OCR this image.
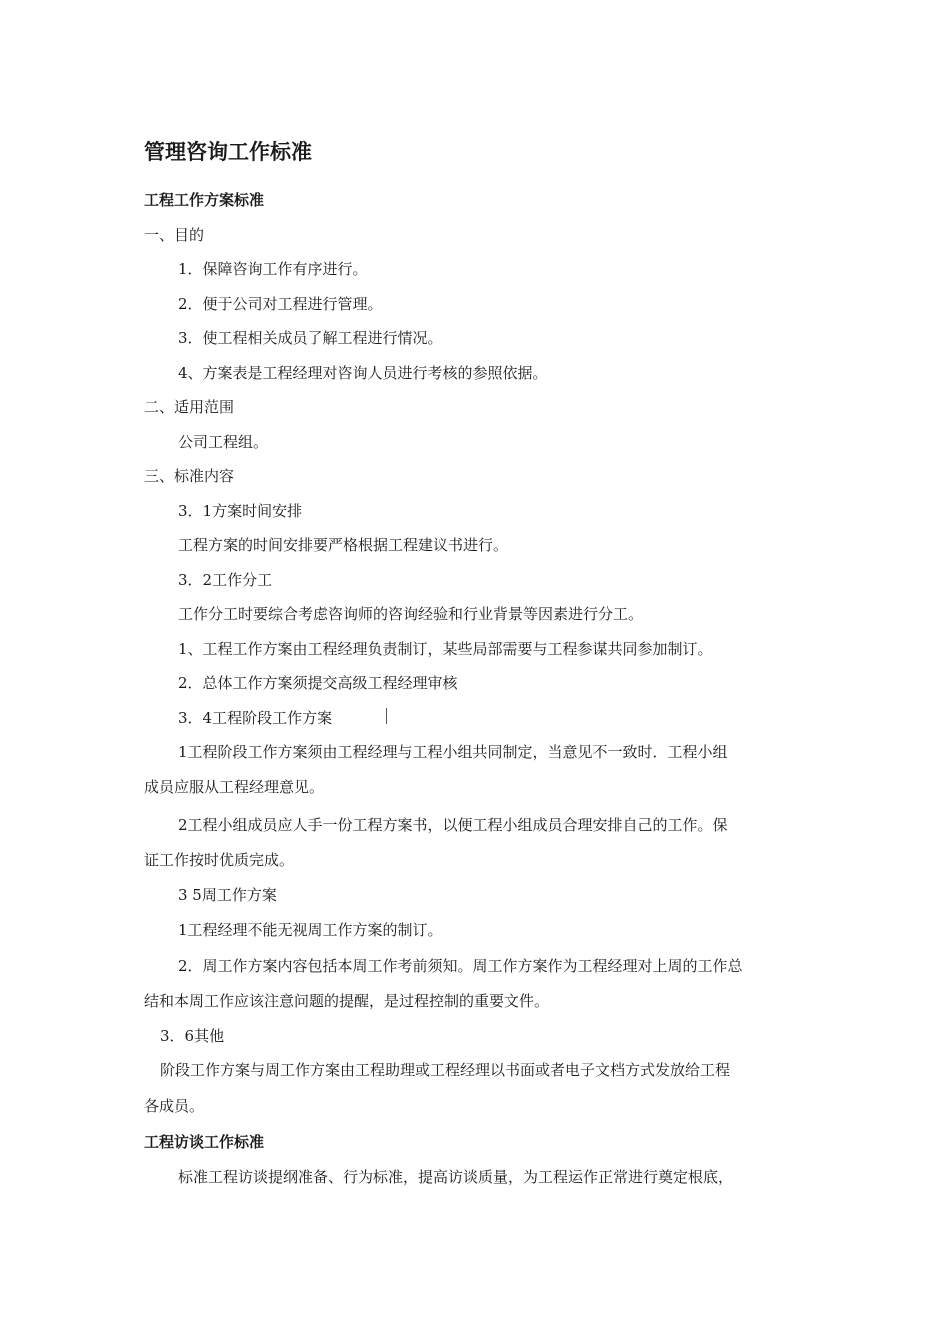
管理咨询工作标准
工程工作方案标准
一、目的
1．保障咨询工作有序进行。
2．便于公司对工程进行管理。
3．使工程相关成员了解工程进行情况。
4、方案表是工程经理对咨询人员进行考核的参照依据。
二、适用范围
公司工程组。
三、标准内容
3．1方案时间安排
工程方案的时间安排要严格根据工程建议书进行。
3．2工作分工
工作分工时要综合考虑咨询师的咨询经验和行业背景等因素进行分工。
1、工程工作方案由工程经理负责制订，某些局部需要与工程参谋共同参加制订。
2．总体工作方案须提交高级工程经理审核
3．4工程阶段工作方案
1工程阶段工作方案须由工程经理与工程小组共同制定，当意见不一致时．工程小组
成员应服从工程经理意见。
2工程小组成员应人手一份工程方案书，以便工程小组成员合理安排自己的工作。保
证工作按时优质完成。
3 5周工作方案
1工程经理不能无视周工作方案的制订。
2．周工作方案内容包括本周工作考前须知。周工作方案作为工程经理对上周的工作总
结和本周工作应该注意问题的提醒，是过程控制的重要文件。
3．6其他
阶段工作方案与周工作方案由工程助理或工程经理以书面或者电子文档方式发放给工程
各成员。
工程访谈工作标准
标准工程访谈提纲准备、行为标准，提高访谈质量，为工程运作正常进行奠定根底，
